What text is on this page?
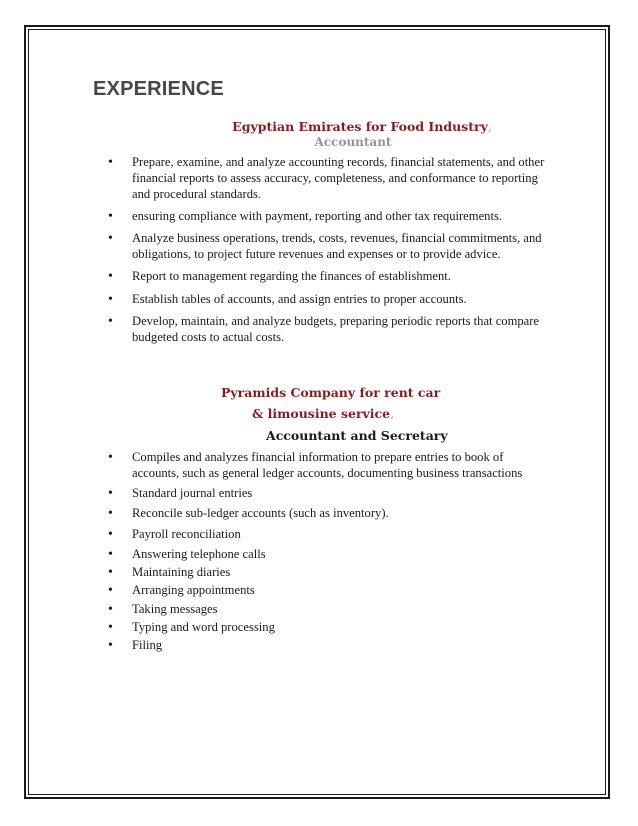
EXPERIENCE
Egyptian Emirates for Food Industry,
Accountant
• Prepare, examine, and analyze accounting records, financial statements, and other financial reports to assess accuracy, completeness, and conformance to reporting and procedural standards.
• ensuring compliance with payment, reporting and other tax requirements.
• Analyze business operations, trends, costs, revenues, financial commitments, and obligations, to project future revenues and expenses or to provide advice.
• Report to management regarding the finances of establishment.
• Establish tables of accounts, and assign entries to proper accounts.
• Develop, maintain, and analyze budgets, preparing periodic reports that compare budgeted costs to actual costs.
Pyramids Company for rent car
& limousine service,
Accountant and Secretary
• Compiles and analyzes financial information to prepare entries to book of accounts, such as general ledger accounts, documenting business transactions
• Standard journal entries
• Reconcile sub-ledger accounts (such as inventory).
• Payroll reconciliation
• Answering telephone calls
• Maintaining diaries
• Arranging appointments
• Taking messages
• Typing and word processing
• Filing
